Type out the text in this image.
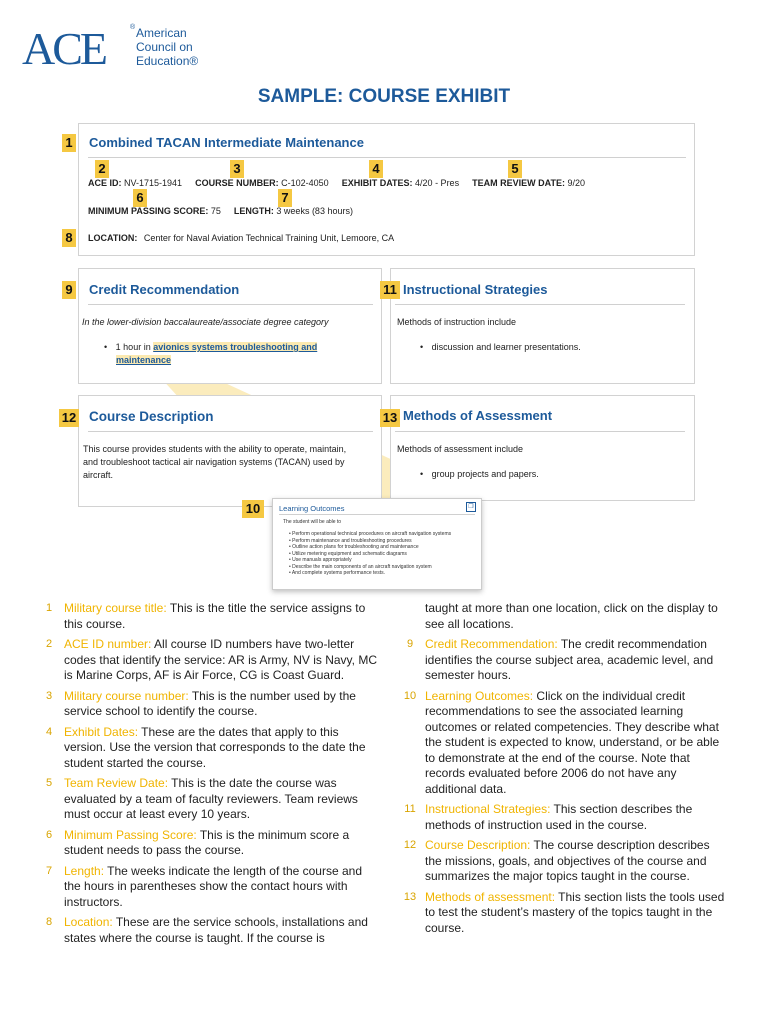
ACE	® American
Council on
Education®
SAMPLE: COURSE EXHIBIT
1 Combined TACAN Intermediate Maintenance
2	3	4	5
ACE ID: NV-1715-1941 COURSE NUMBER: C-102-4050 EXHIBIT DATES: 4/20 - Pres TEAM REVIEW DATE: 9/20
6	7
MINIMUM PASSING SCORE: 75 LENGTH: 3 weeks (83 hours)
8	LOCATION: Center for Naval Aviation Technical Training Unit, Lemoore, CA
9 Credit Recommendation
In the lower-division baccalaureate/associate degree category
• 1 hour in avionics systems troubleshooting and
maintenance
11 Instructional Strategies
Methods of instruction include
• discussion and learner presentations.
12 Course Description
This course provides students with the ability to operate, maintain, and troubleshoot tactical air navigation systems (TACAN) used by aircraft.
13 Methods of Assessment
Methods of assessment include
• group projects and papers.
10	Learning Outcomes	❐
The student will be able to
• Perform operational technical procedures on aircraft navigation systems
• Perform maintenance and troubleshooting procedures
• Outline action plans for troubleshooting and maintenance
• Utilize metering equipment and schematic diagrams
• Use manuals appropriately
• Describe the main components of an aircraft navigation system
• And complete systems performance tests.
1 Military course title: This is the title the service assigns to this course.
2 ACE ID number: All course ID numbers have two-letter codes that identify the service: AR is Army, NV is Navy, MC is Marine Corps, AF is Air Force, CG is Coast Guard.
3 Military course number: This is the number used by the service school to identify the course.
4 Exhibit Dates: These are the dates that apply to this version. Use the version that corresponds to the date the student started the course.
5 Team Review Date: This is the date the course was evaluated by a team of faculty reviewers. Team reviews must occur at least every 10 years.
6 Minimum Passing Score: This is the minimum score a student needs to pass the course.
7 Length: The weeks indicate the length of the course and the hours in parentheses show the contact hours with instructors.
8 Location: These are the service schools, installations and states where the course is taught. If the course is
taught at more than one location, click on the display to see all locations.
9 Credit Recommendation: The credit recommendation identifies the course subject area, academic level, and semester hours.
10 Learning Outcomes: Click on the individual credit recommendations to see the associated learning outcomes or related competencies. They describe what the student is expected to know, understand, or be able to demonstrate at the end of the course. Note that records evaluated before 2006 do not have any additional data.
11 Instructional Strategies: This section describes the methods of instruction used in the course.
12 Course Description: The course description describes the missions, goals, and objectives of the course and summarizes the major topics taught in the course.
13 Methods of assessment: This section lists the tools used to test the student’s mastery of the topics taught in the course.
